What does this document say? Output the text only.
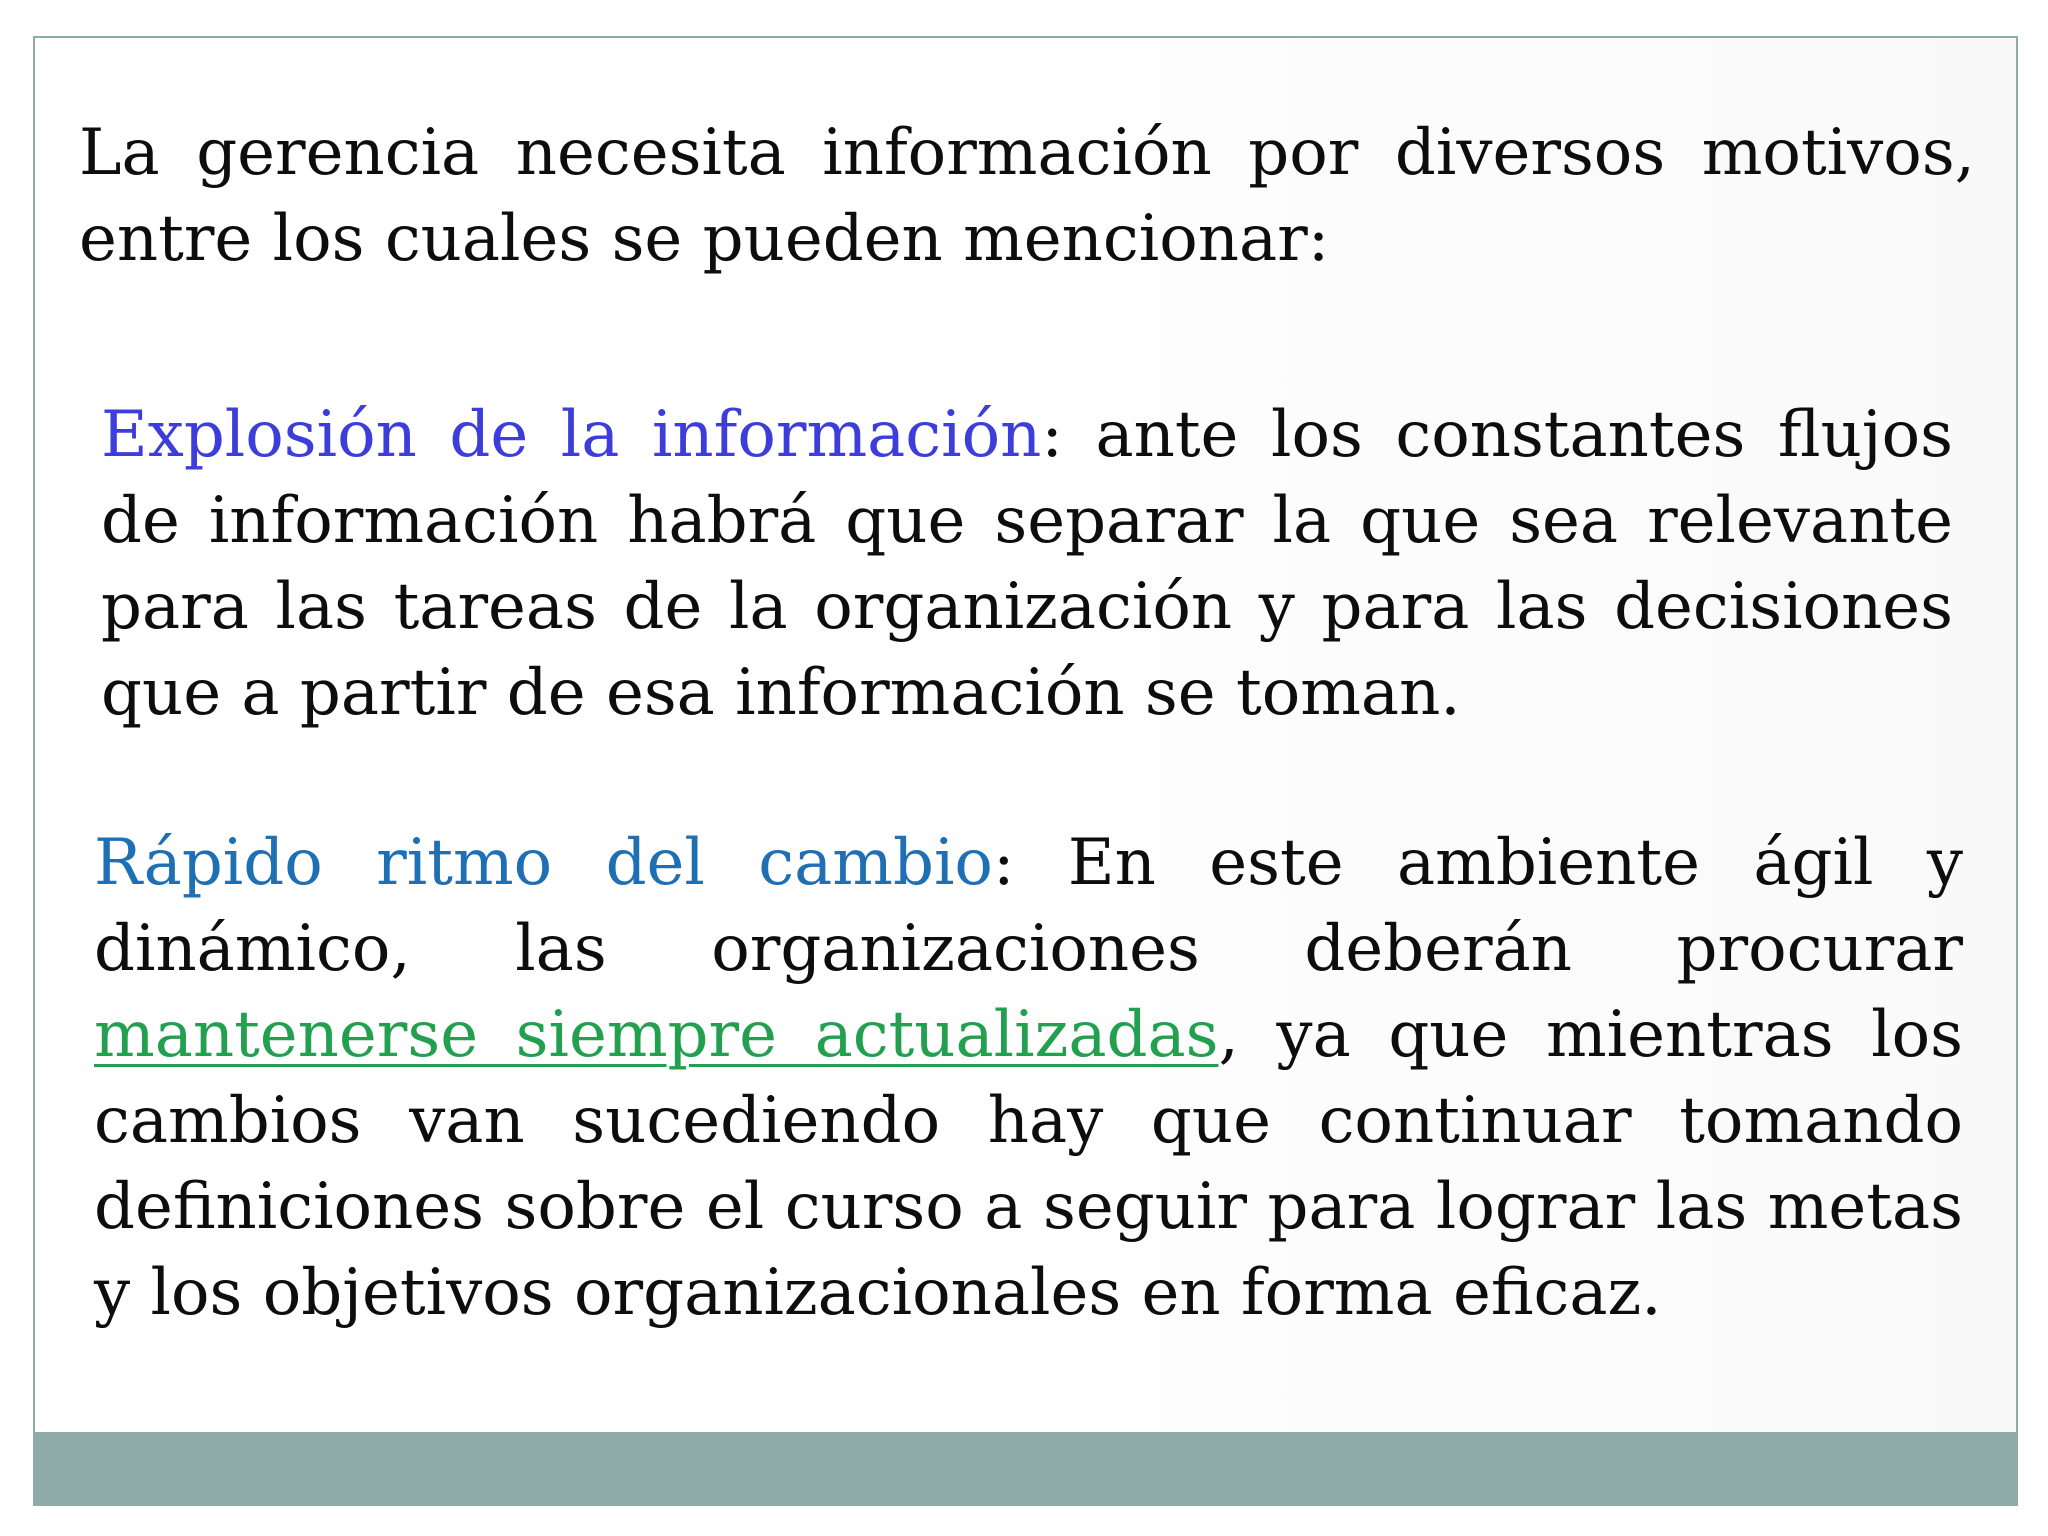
La gerencia necesita información por diversos motivos, entre los cuales se pueden mencionar:

Explosión de la información: ante los constantes flujos de información habrá que separar la que sea relevante para las tareas de la organización y para las decisiones que a partir de esa información se toman.

Rápido ritmo del cambio: En este ambiente ágil y dinámico, las organizaciones deberán procurar mantenerse siempre actualizadas, ya que mientras los cambios van sucediendo hay que continuar tomando definiciones sobre el curso a seguir para lograr las metas y los objetivos organizacionales en forma eficaz.
